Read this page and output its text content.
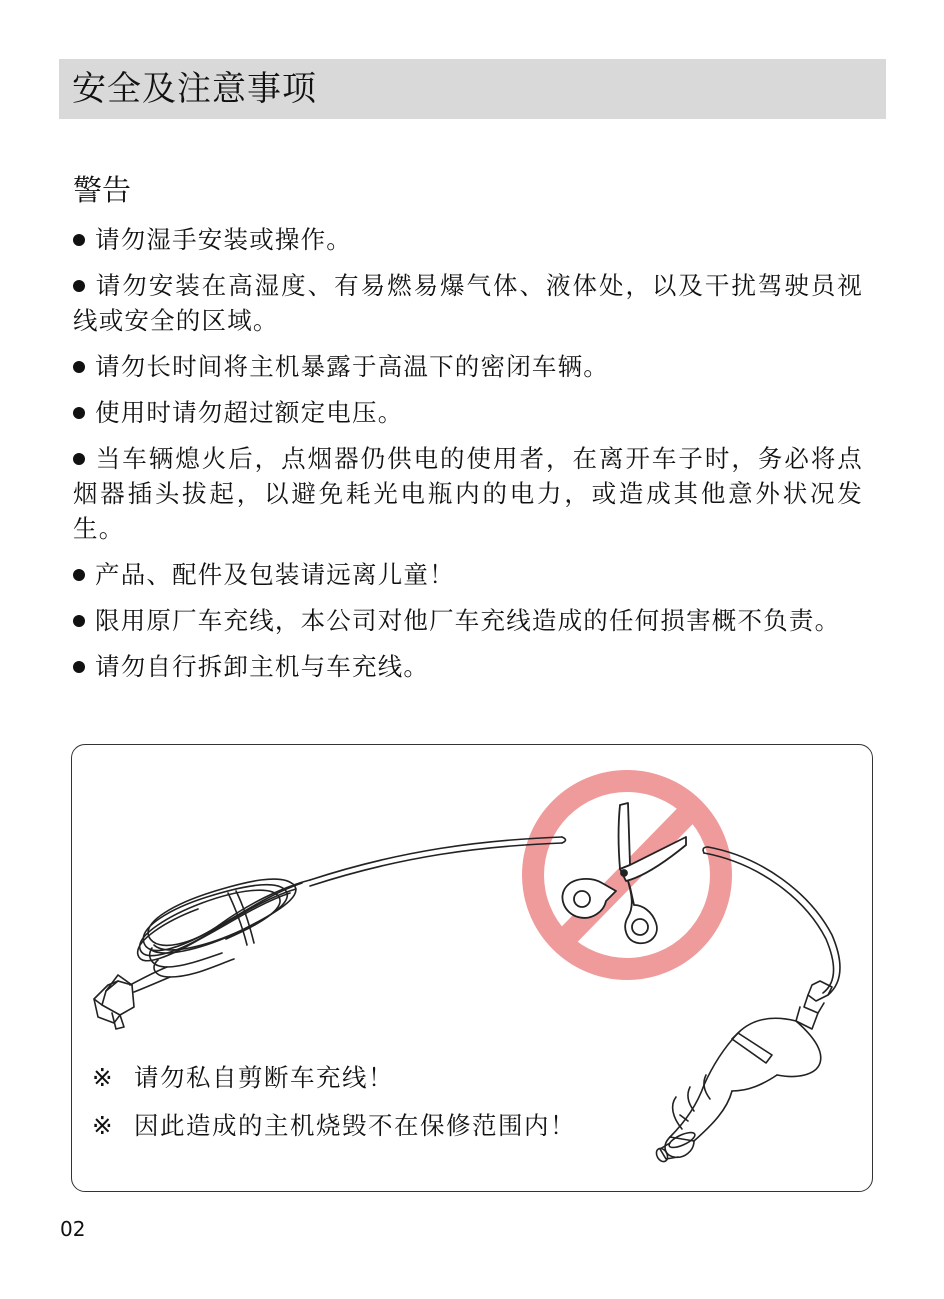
安全及注意事项
警告
请勿湿手安装或操作。
请勿安装在高湿度、有易燃易爆气体、液体处，以及干扰驾驶员视线或安全的区域。
请勿长时间将主机暴露于高温下的密闭车辆。
使用时请勿超过额定电压。
当车辆熄火后，点烟器仍供电的使用者，在离开车子时，务必将点烟器插头拔起，以避免耗光电瓶内的电力，或造成其他意外状况发生。
产品、配件及包装请远离儿童！
限用原厂车充线，本公司对他厂车充线造成的任何损害概不负责。
请勿自行拆卸主机与车充线。
※ 请勿私自剪断车充线！
※ 因此造成的主机烧毁不在保修范围内！
02
